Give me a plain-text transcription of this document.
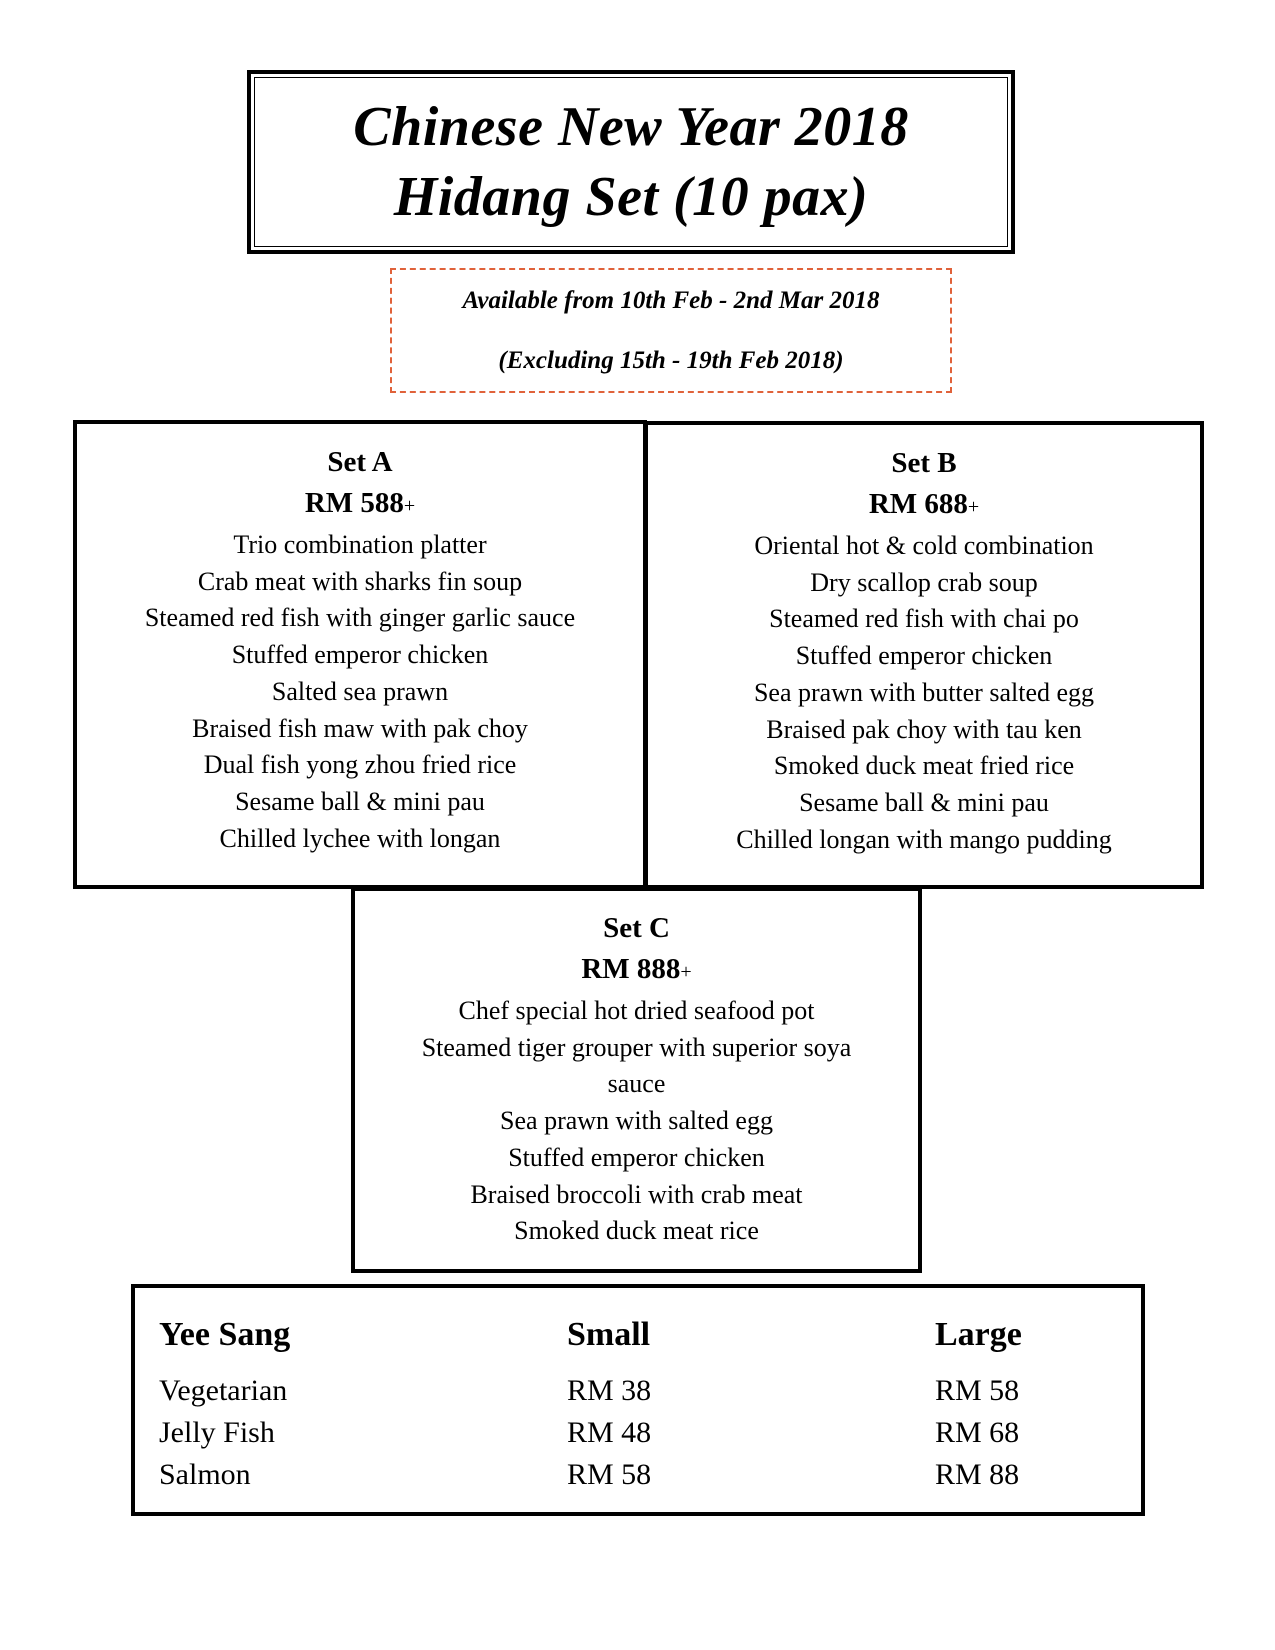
Chinese New Year 2018
Hidang Set (10 pax)
Available from 10th Feb - 2nd Mar 2018
(Excluding 15th - 19th Feb 2018)
Set A
RM 588+
Trio combination platter
Crab meat with sharks fin soup
Steamed red fish with ginger garlic sauce
Stuffed emperor chicken
Salted sea prawn
Braised fish maw with pak choy
Dual fish yong zhou fried rice
Sesame ball & mini pau
Chilled lychee with longan
Set B
RM 688+
Oriental hot & cold combination
Dry scallop crab soup
Steamed red fish with chai po
Stuffed emperor chicken
Sea prawn with butter salted egg
Braised pak choy with tau ken
Smoked duck meat fried rice
Sesame ball & mini pau
Chilled longan with mango pudding
Set C
RM 888+
Chef special hot dried seafood pot
Steamed tiger grouper with superior soya
sauce
Sea prawn with salted egg
Stuffed emperor chicken
Braised broccoli with crab meat
Smoked duck meat rice
Yee Sang	Small	Large
Vegetarian	RM 38	RM 58
Jelly Fish	RM 48	RM 68
Salmon	RM 58	RM 88
